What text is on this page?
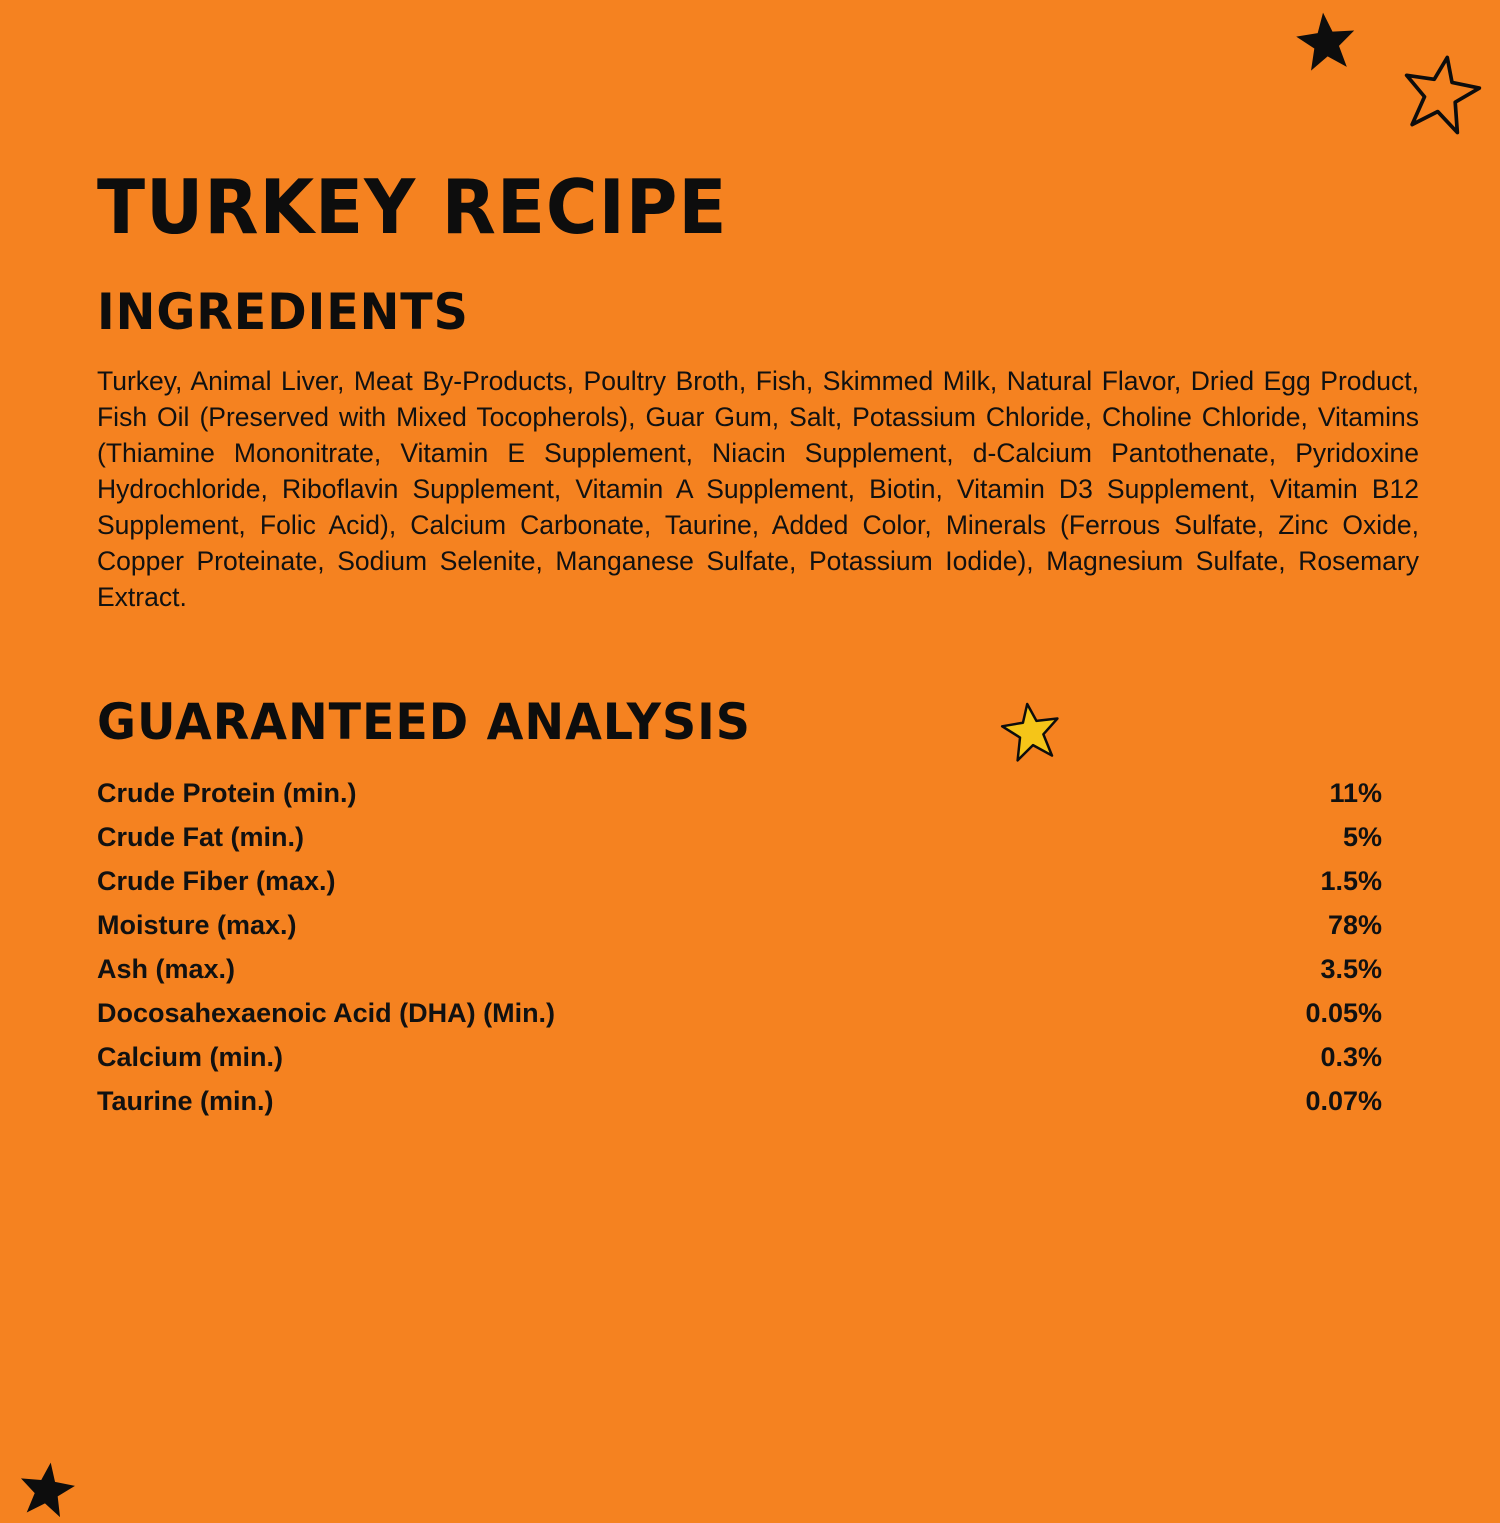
TURKEY RECIPE
INGREDIENTS

Turkey, Animal Liver, Meat By-Products, Poultry Broth, Fish, Skimmed Milk, Natural Flavor, Dried Egg Product, Fish Oil (Preserved with Mixed Tocopherols), Guar Gum, Salt, Potassium Chloride, Choline Chloride, Vitamins (Thiamine Mononitrate, Vitamin E Supplement, Niacin Supplement, d-Calcium Pantothenate, Pyridoxine Hydrochloride, Riboflavin Supplement, Vitamin A Supplement, Biotin, Vitamin D3 Supplement, Vitamin B12 Supplement, Folic Acid), Calcium Carbonate, Taurine, Added Color, Minerals (Ferrous Sulfate, Zinc Oxide, Copper Proteinate, Sodium Selenite, Manganese Sulfate, Potassium Iodide), Magnesium Sulfate, Rosemary Extract.

GUARANTEED ANALYSIS
Crude Protein (min.)	11%
Crude Fat (min.)	5%
Crude Fiber (max.)	1.5%
Moisture (max.)	78%
Ash (max.)	3.5%
Docosahexaenoic Acid (DHA) (Min.)	0.05%
Calcium (min.)	0.3%
Taurine (min.)	0.07%
